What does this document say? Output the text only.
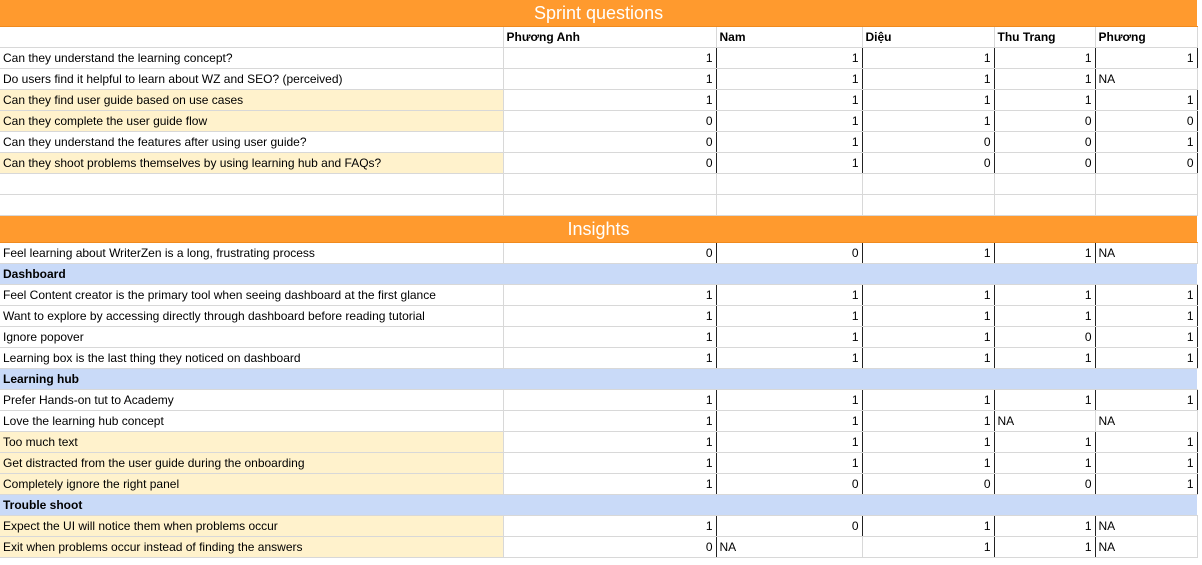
Sprint questions					
	Phương Anh	Nam	Diệu	Thu Trang	Phương
Can they understand the learning concept?	1	1	1	1	1
Do users find it helpful to learn about WZ and SEO? (perceived)	1	1	1	1	NA
Can they find user guide based on use cases	1	1	1	1	1
Can they complete the user guide flow	0	1	1	0	0
Can they understand the features after using user guide?	0	1	0	0	1
Can they shoot problems themselves by using learning hub and FAQs?	0	1	0	0	0

Insights					
Feel learning about WriterZen is a long, frustrating process	0	0	1	1	NA
Dashboard					
Feel Content creator is the primary tool when seeing dashboard at the first glance	1	1	1	1	1
Want to explore by accessing directly through dashboard before reading tutorial	1	1	1	1	1
Ignore popover	1	1	1	0	1
Learning box is the last thing they noticed on dashboard	1	1	1	1	1
Learning hub					
Prefer Hands-on tut to Academy	1	1	1	1	1
Love the learning hub concept	1	1	1	NA	NA
Too much text	1	1	1	1	1
Get distracted from the user guide during the onboarding	1	1	1	1	1
Completely ignore the right panel	1	0	0	0	1
Trouble shoot					
Expect the UI will notice them when problems occur	1	0	1	1	NA
Exit when problems occur instead of finding the answers	0	NA	1	1	NA
